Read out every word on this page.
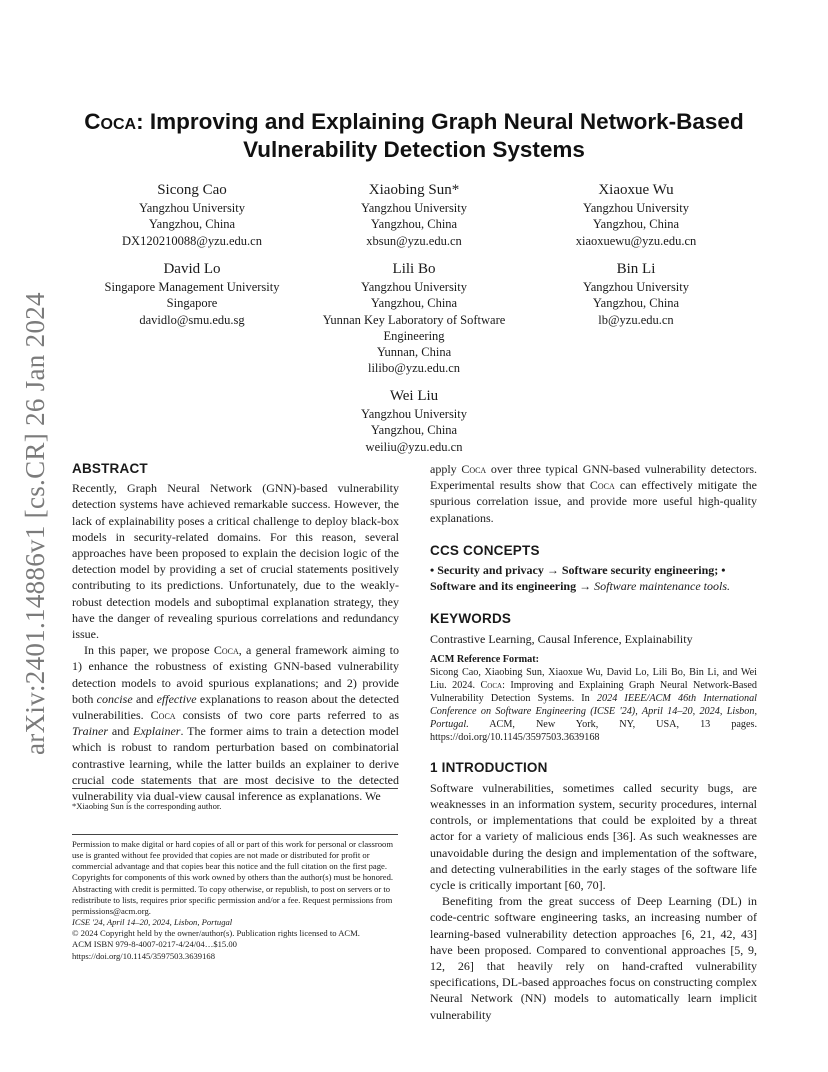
arXiv:2401.14886v1 [cs.CR] 26 Jan 2024
Coca: Improving and Explaining Graph Neural Network-Based Vulnerability Detection Systems
Sicong Cao
Yangzhou University
Yangzhou, China
DX120210088@yzu.edu.cn
Xiaobing Sun*
Yangzhou University
Yangzhou, China
xbsun@yzu.edu.cn
Xiaoxue Wu
Yangzhou University
Yangzhou, China
xiaoxuewu@yzu.edu.cn
David Lo
Singapore Management University
Singapore
davidlo@smu.edu.sg
Lili Bo
Yangzhou University
Yangzhou, China
Yunnan Key Laboratory of Software
Engineering
Yunnan, China
lilibo@yzu.edu.cn
Bin Li
Yangzhou University
Yangzhou, China
lb@yzu.edu.cn
Wei Liu
Yangzhou University
Yangzhou, China
weiliu@yzu.edu.cn
ABSTRACT

Recently, Graph Neural Network (GNN)-based vulnerability detection systems have achieved remarkable success. However, the lack of explainability poses a critical challenge to deploy black-box models in security-related domains. For this reason, several approaches have been proposed to explain the decision logic of the detection model by providing a set of crucial statements positively contributing to its predictions. Unfortunately, due to the weakly-robust detection models and suboptimal explanation strategy, they have the danger of revealing spurious correlations and redundancy issue.

In this paper, we propose Coca, a general framework aiming to 1) enhance the robustness of existing GNN-based vulnerability detection models to avoid spurious explanations; and 2) provide both concise and effective explanations to reason about the detected vulnerabilities. Coca consists of two core parts referred to as Trainer and Explainer. The former aims to train a detection model which is robust to random perturbation based on combinatorial contrastive learning, while the latter builds an explainer to derive crucial code statements that are most decisive to the detected vulnerability via dual-view causal inference as explanations. We

*Xiaobing Sun is the corresponding author.

Permission to make digital or hard copies of all or part of this work for personal or classroom use is granted without fee provided that copies are not made or distributed for profit or commercial advantage and that copies bear this notice and the full citation on the first page. Copyrights for components of this work owned by others than the author(s) must be honored. Abstracting with credit is permitted. To copy otherwise, or republish, to post on servers or to redistribute to lists, requires prior specific permission and/or a fee. Request permissions from permissions@acm.org.

ICSE '24, April 14–20, 2024, Lisbon, Portugal

© 2024 Copyright held by the owner/author(s). Publication rights licensed to ACM.

ACM ISBN 979-8-4007-0217-4/24/04…$15.00

https://doi.org/10.1145/3597503.3639168

apply Coca over three typical GNN-based vulnerability detectors. Experimental results show that Coca can effectively mitigate the spurious correlation issue, and provide more useful high-quality explanations.

CCS CONCEPTS

• Security and privacy → Software security engineering; • Software and its engineering → Software maintenance tools.

KEYWORDS

Contrastive Learning, Causal Inference, Explainability

ACM Reference Format:

Sicong Cao, Xiaobing Sun, Xiaoxue Wu, David Lo, Lili Bo, Bin Li, and Wei Liu. 2024. Coca: Improving and Explaining Graph Neural Network-Based Vulnerability Detection Systems. In 2024 IEEE/ACM 46th International Conference on Software Engineering (ICSE '24), April 14–20, 2024, Lisbon, Portugal. ACM, New York, NY, USA, 13 pages. https://doi.org/10.1145/3597503.3639168

1 INTRODUCTION

Software vulnerabilities, sometimes called security bugs, are weaknesses in an information system, security procedures, internal controls, or implementations that could be exploited by a threat actor for a variety of malicious ends [36]. As such weaknesses are unavoidable during the design and implementation of the software, and detecting vulnerabilities in the early stages of the software life cycle is critically important [60, 70].

Benefiting from the great success of Deep Learning (DL) in code-centric software engineering tasks, an increasing number of learning-based vulnerability detection approaches [6, 21, 42, 43] have been proposed. Compared to conventional approaches [5, 9, 12, 26] that heavily rely on hand-crafted vulnerability specifications, DL-based approaches focus on constructing complex Neural Network (NN) models to automatically learn implicit vulnerability
